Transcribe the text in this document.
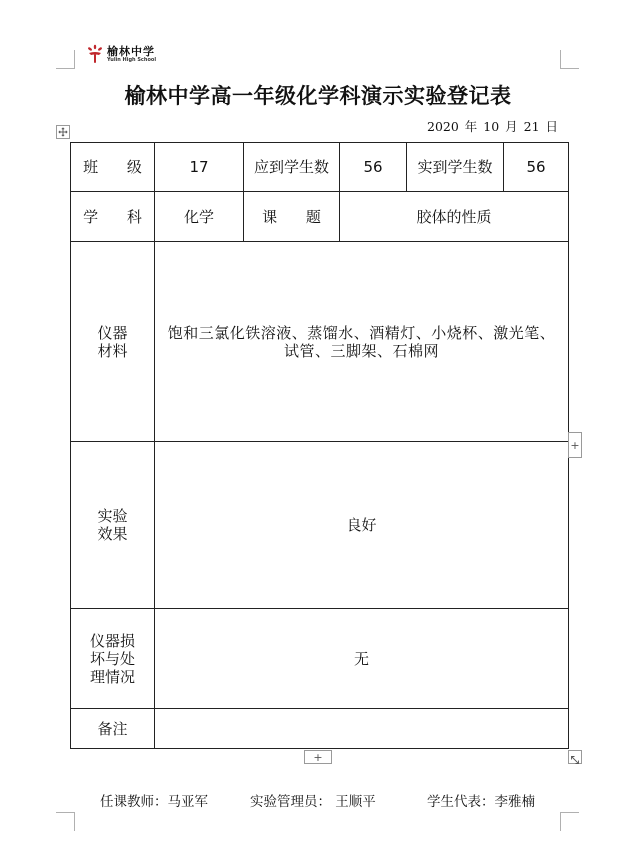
榆林中学
Yulin High School
榆林中学高一年级化学科演示实验登记表
2020 年 10 月 21 日
班 级	17	应到学生数	56	实到学生数	56
学 科	化学	课 题	胶体的性质		

仪器
材料	饱和三氯化铁溶液、蒸馏水、酒精灯、小烧杯、激光笔、试管、三脚架、石棉网				

实验
效果	良好				

仪器损
坏与处
理情况	无				
备注					
+
+
任课教师：马亚军	实验管理员： 王顺平	学生代表：李雅楠
